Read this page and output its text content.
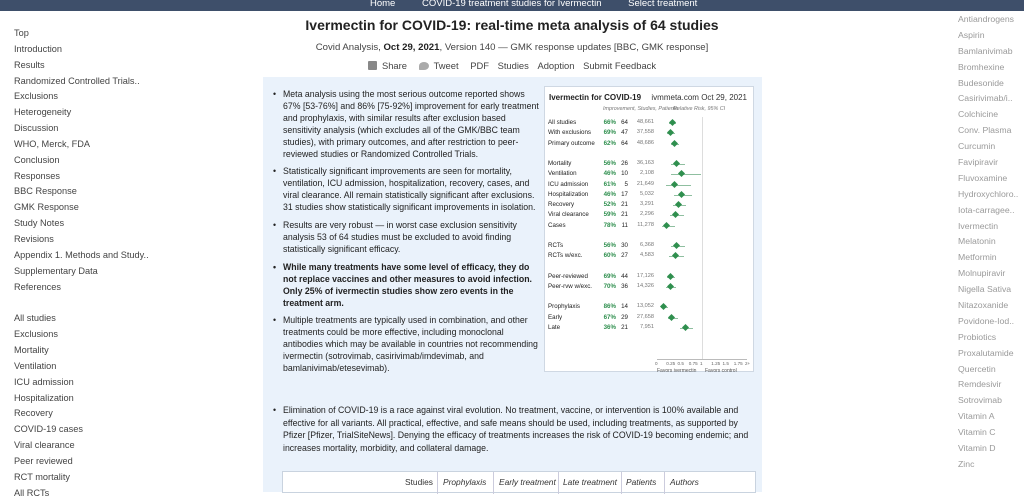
Home	COVID-19 treatment studies for Ivermectin	Select treatment
Top
Introduction
Results
Randomized Controlled Trials..
Exclusions
Heterogeneity
Discussion
WHO, Merck, FDA
Conclusion
Responses
BBC Response
GMK Response
Study Notes
Revisions
Appendix 1. Methods and Study..
Supplementary Data
References
All studies
Exclusions
Mortality
Ventilation
ICU admission
Hospitalization
Recovery
COVID-19 cases
Viral clearance
Peer reviewed
RCT mortality
All RCTs
Antiandrogens
Aspirin
Bamlanivimab
Bromhexine
Budesonide
Casirivimab/i..
Colchicine
Conv. Plasma
Curcumin
Favipiravir
Fluvoxamine
Hydroxychloro..
Iota-carragee..
Ivermectin
Melatonin
Metformin
Molnupiravir
Nigella Sativa
Nitazoxanide
Povidone-Iod..
Probiotics
Proxalutamide
Quercetin
Remdesivir
Sotrovimab
Vitamin A
Vitamin C
Vitamin D
Zinc
Ivermectin for COVID-19: real-time meta analysis of 64 studies
Covid Analysis, Oct 29, 2021, Version 140 — GMK response updates [BBC, GMK response]
Share	Tweet PDF Studies Adoption Submit Feedback
• Meta analysis using the most serious outcome reported shows 67% [53‑76%] and 86% [75‑92%] improvement for early treatment and prophylaxis, with similar results after exclusion based sensitivity analysis (which excludes all of the GMK/BBC team studies), with primary outcomes, and after restriction to peer-reviewed studies or Randomized Controlled Trials.
• Statistically significant improvements are seen for mortality, ventilation, ICU admission, hospitalization, recovery, cases, and viral clearance. All remain statistically significant after exclusions. 31 studies show statistically significant improvements in isolation.
• Results are very robust — in worst case exclusion sensitivity analysis 53 of 64 studies must be excluded to avoid finding statistically significant efficacy.
• While many treatments have some level of efficacy, they do not replace vaccines and other measures to avoid infection. Only 25% of ivermectin studies show zero events in the treatment arm.
• Multiple treatments are typically used in combination, and other treatments could be more effective, including monoclonal antibodies which may be available in countries not recommending ivermectin (sotrovimab, casirivimab/imdevimab, and bamlanivimab/etesevimab).
• Elimination of COVID-19 is a race against viral evolution. No treatment, vaccine, or intervention is 100% available and effective for all variants. All practical, effective, and safe means should be used, including treatments, as supported by Pfizer [Pfizer, TrialSiteNews]. Denying the efficacy of treatments increases the risk of COVID-19 becoming endemic; and increases mortality, morbidity, and collateral damage.
Ivermectin for COVID-19 ivmmeta.com Oct 29, 2021
Improvement, Studies, Patients
Relative Risk, 95% CI
All studies	66% 64	48,661
With exclusions 69% 47	37,558
Primary outcome 62% 64	48,686
Mortality	56% 26	36,163
Ventilation	46% 10	2,108
ICU admission 61%	5	21,649
Hospitalization 46% 17	5,032
Recovery	52% 21	3,291
Viral clearance 59% 21	2,296
Cases	78% 11	11,278
RCTs	56% 30	6,368
RCTs w/exc.	60% 27	4,583
Peer-reviewed	69% 44	17,126
Peer-rvw w/exc. 70% 36	14,326
Prophylaxis	86% 14	13,052
Early	67% 29	27,658
Late	36% 21	7,951
0 0.25 0.5 0.75 1 1.25 1.5 1.75 2+
Favors ivermectin Favors control
Studies Prophylaxis Early treatment Late treatment Patients Authors
